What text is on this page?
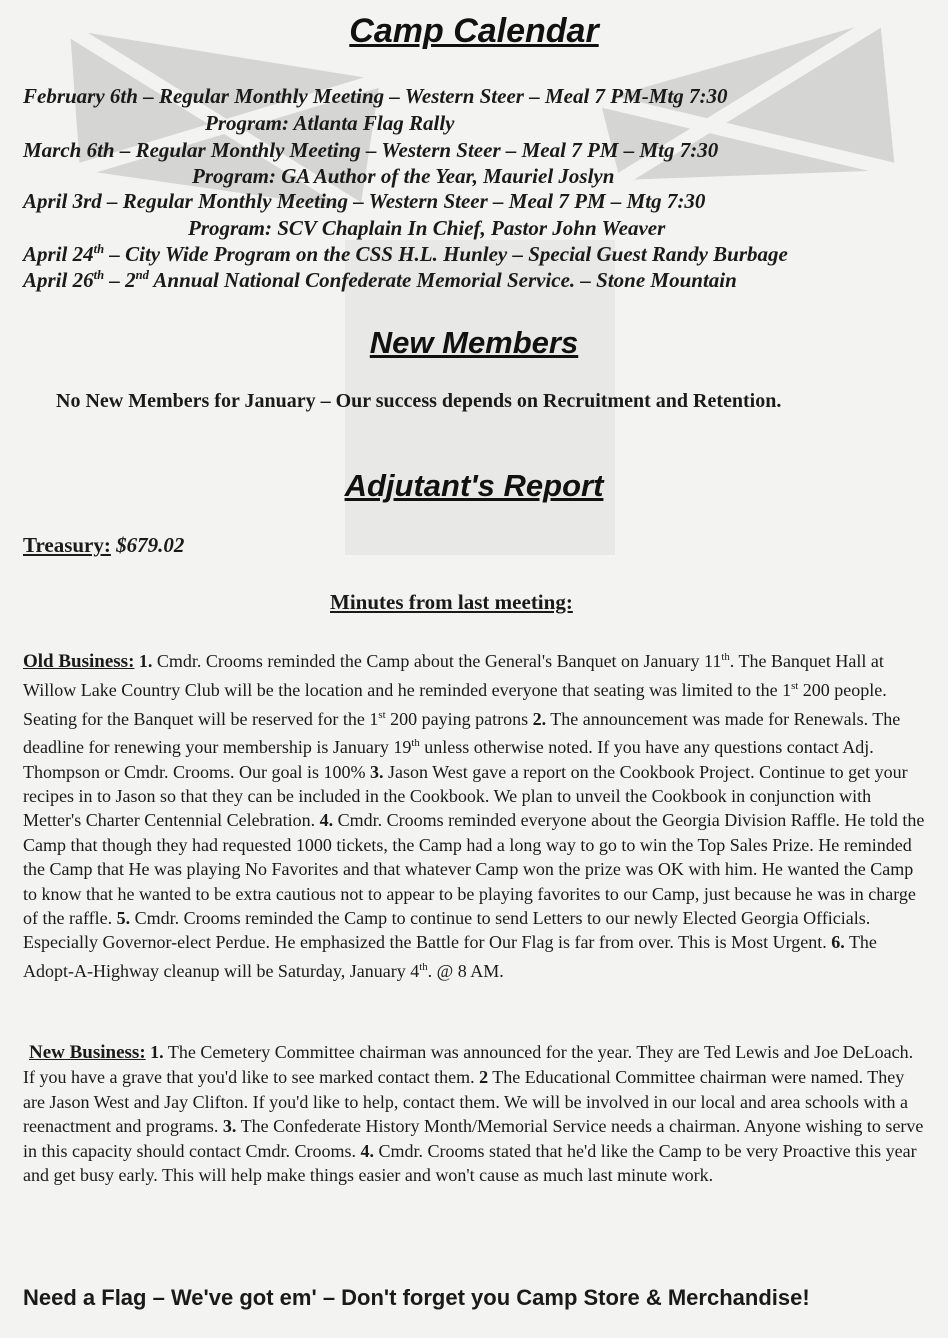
Camp Calendar
February 6th – Regular Monthly Meeting – Western Steer – Meal 7 PM-Mtg 7:30
Program: Atlanta Flag Rally
March 6th – Regular Monthly Meeting – Western Steer – Meal 7 PM – Mtg 7:30
Program: GA Author of the Year, Mauriel Joslyn
April 3rd – Regular Monthly Meeting – Western Steer – Meal 7 PM – Mtg 7:30
Program: SCV Chaplain In Chief, Pastor John Weaver
April 24th – City Wide Program on the CSS H.L. Hunley – Special Guest Randy Burbage
April 26th – 2nd Annual National Confederate Memorial Service. – Stone Mountain
New Members
No New Members for January – Our success depends on Recruitment and Retention.
Adjutant's Report
Treasury: $679.02
Minutes from last meeting:
Old Business: 1. Cmdr. Crooms reminded the Camp about the General's Banquet on January 11th. The Banquet Hall at Willow Lake Country Club will be the location and he reminded everyone that seating was limited to the 1st 200 people. Seating for the Banquet will be reserved for the 1st 200 paying patrons 2. The announcement was made for Renewals. The deadline for renewing your membership is January 19th unless otherwise noted. If you have any questions contact Adj. Thompson or Cmdr. Crooms. Our goal is 100% 3. Jason West gave a report on the Cookbook Project. Continue to get your recipes in to Jason so that they can be included in the Cookbook. We plan to unveil the Cookbook in conjunction with Metter's Charter Centennial Celebration. 4. Cmdr. Crooms reminded everyone about the Georgia Division Raffle. He told the Camp that though they had requested 1000 tickets, the Camp had a long way to go to win the Top Sales Prize. He reminded the Camp that He was playing No Favorites and that whatever Camp won the prize was OK with him. He wanted the Camp to know that he wanted to be extra cautious not to appear to be playing favorites to our Camp, just because he was in charge of the raffle. 5. Cmdr. Crooms reminded the Camp to continue to send Letters to our newly Elected Georgia Officials. Especially Governor-elect Perdue. He emphasized the Battle for Our Flag is far from over. This is Most Urgent. 6. The Adopt-A-Highway cleanup will be Saturday, January 4th. @ 8 AM.
New Business: 1. The Cemetery Committee chairman was announced for the year. They are Ted Lewis and Joe DeLoach. If you have a grave that you'd like to see marked contact them. 2 The Educational Committee chairman were named. They are Jason West and Jay Clifton. If you'd like to help, contact them. We will be involved in our local and area schools with a reenactment and programs. 3. The Confederate History Month/Memorial Service needs a chairman. Anyone wishing to serve in this capacity should contact Cmdr. Crooms. 4. Cmdr. Crooms stated that he'd like the Camp to be very Proactive this year and get busy early. This will help make things easier and won't cause as much last minute work.
Need a Flag – We've got em' – Don't forget you Camp Store & Merchandise!
